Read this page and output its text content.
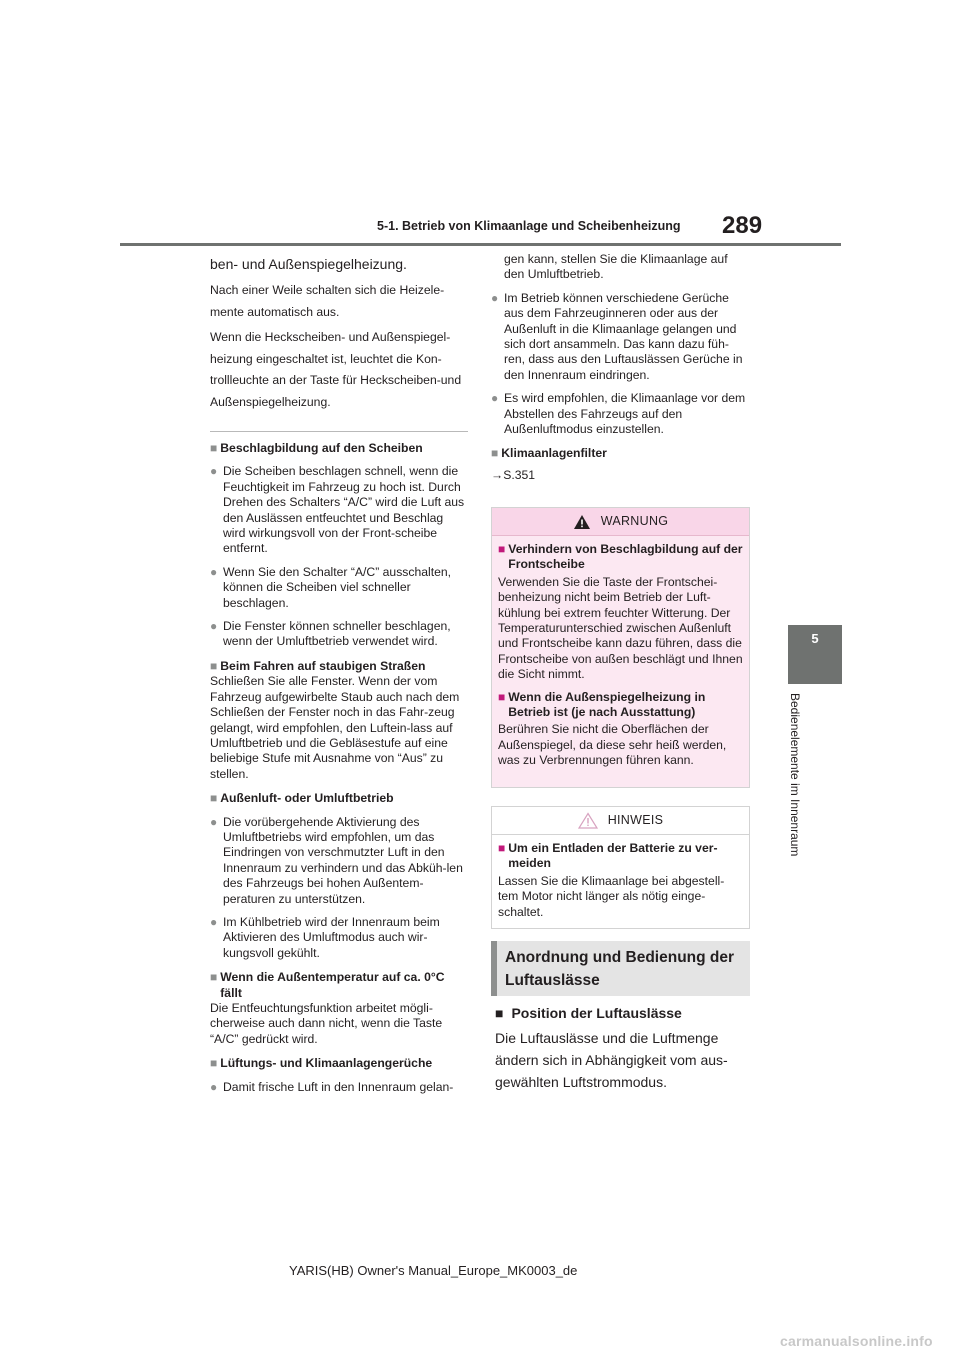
5-1. Betrieb von Klimaanlage und Scheibenheizung 289
5
Bedienelemente im Innenraum
ben- und Außenspiegelheizung.
Nach einer Weile schalten sich die Heizele-mente automatisch aus.
Wenn die Heckscheiben- und Außenspiegel-heizung eingeschaltet ist, leuchtet die Kon-trollleuchte an der Taste für Heckscheiben-und Außenspiegelheizung.
■ Beschlagbildung auf den Scheiben
● Die Scheiben beschlagen schnell, wenn die Feuchtigkeit im Fahrzeug zu hoch ist. Durch Drehen des Schalters “A/C” wird die Luft aus den Auslässen entfeuchtet und Beschlag wird wirkungsvoll von der Front-scheibe entfernt.
● Wenn Sie den Schalter “A/C” ausschalten, können die Scheiben viel schneller beschlagen.
● Die Fenster können schneller beschlagen, wenn der Umluftbetrieb verwendet wird.
■ Beim Fahren auf staubigen Straßen
Schließen Sie alle Fenster. Wenn der vom Fahrzeug aufgewirbelte Staub auch nach dem Schließen der Fenster noch in das Fahr-zeug gelangt, wird empfohlen, den Luftein-lass auf Umluftbetrieb und die Gebläsestufe auf eine beliebige Stufe mit Ausnahme von “Aus” zu stellen.
■ Außenluft- oder Umluftbetrieb
● Die vorübergehende Aktivierung des Umluftbetriebs wird empfohlen, um das Eindringen von verschmutzter Luft in den Innenraum zu verhindern und das Abküh-len des Fahrzeugs bei hohen Außentem-peraturen zu unterstützen.
● Im Kühlbetrieb wird der Innenraum beim Aktivieren des Umluftmodus auch wir-kungsvoll gekühlt.
■ Wenn die Außentemperatur auf ca. 0°C fällt
Die Entfeuchtungsfunktion arbeitet mögli-cherweise auch dann nicht, wenn die Taste “A/C” gedrückt wird.
■ Lüftungs- und Klimaanlagengerüche
● Damit frische Luft in den Innenraum gelan-
gen kann, stellen Sie die Klimaanlage auf den Umluftbetrieb.
● Im Betrieb können verschiedene Gerüche aus dem Fahrzeuginneren oder aus der Außenluft in die Klimaanlage gelangen und sich dort ansammeln. Das kann dazu füh-ren, dass aus den Luftauslässen Gerüche in den Innenraum eindringen.
● Es wird empfohlen, die Klimaanlage vor dem Abstellen des Fahrzeugs auf den Außenluftmodus einzustellen.
■ Klimaanlagenfilter
→S.351
WARNUNG
■ Verhindern von Beschlagbildung auf der Frontscheibe
Verwenden Sie die Taste der Frontschei-benheizung nicht beim Betrieb der Luft-kühlung bei extrem feuchter Witterung. Der Temperaturunterschied zwischen Außenluft und Frontscheibe kann dazu führen, dass die Frontscheibe von außen beschlägt und Ihnen die Sicht nimmt.
■ Wenn die Außenspiegelheizung in Betrieb ist (je nach Ausstattung)
Berühren Sie nicht die Oberflächen der Außenspiegel, da diese sehr heiß werden, was zu Verbrennungen führen kann.
HINWEIS
■ Um ein Entladen der Batterie zu ver-meiden
Lassen Sie die Klimaanlage bei abgestell-tem Motor nicht länger als nötig einge-schaltet.
Anordnung und Bedienung der Luftauslässe
■ Position der Luftauslässe
Die Luftauslässe und die Luftmenge ändern sich in Abhängigkeit vom aus-gewählten Luftstrommodus.
YARIS(HB) Owner's Manual_Europe_MK0003_de
carmanualsonline.info
